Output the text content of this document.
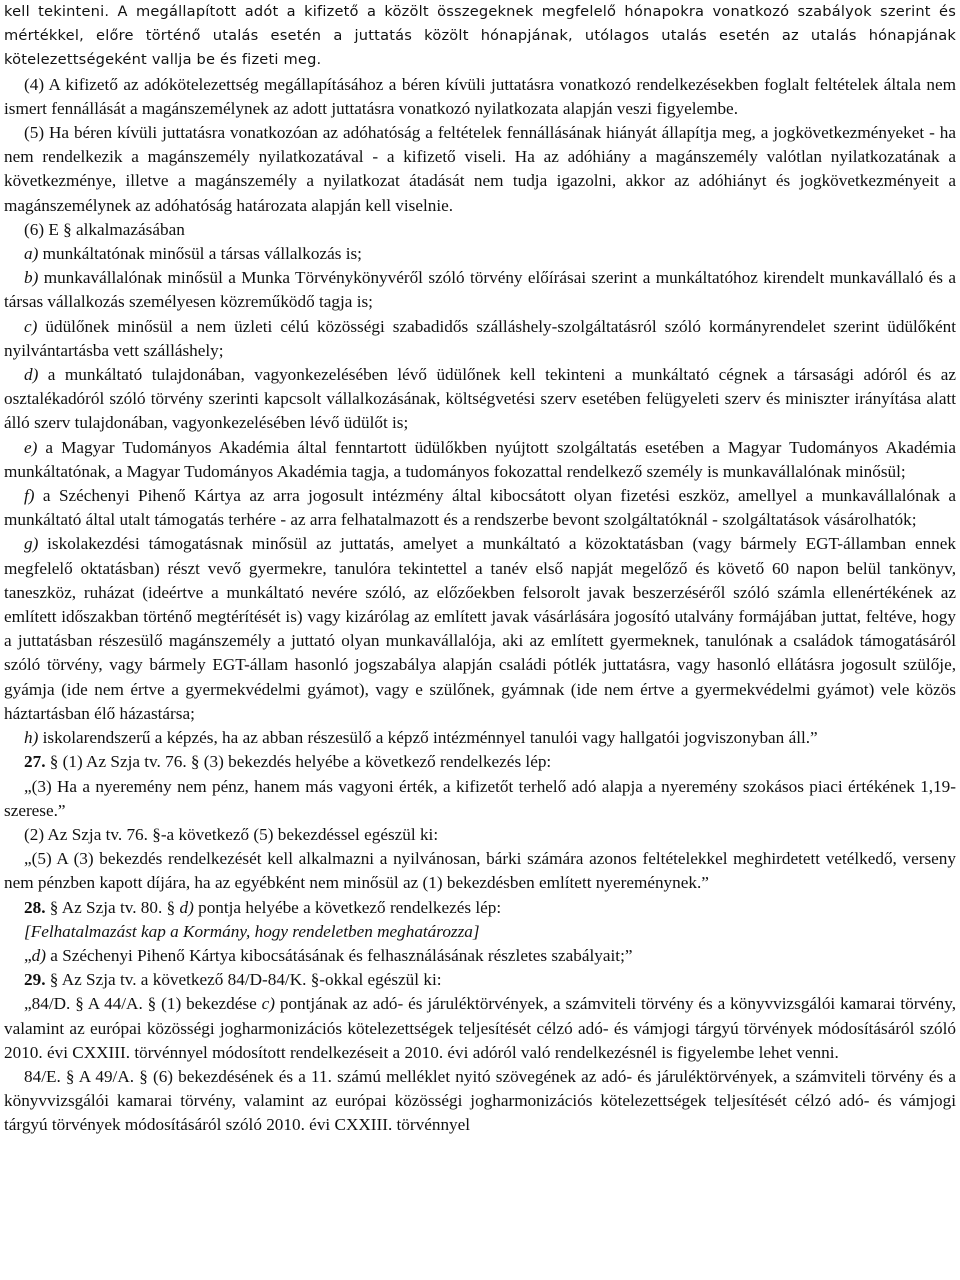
kell tekinteni. A megállapított adót a kifizető a közölt összegeknek megfelelő hónapokra vonatkozó szabályok szerint és mértékkel, előre történő utalás esetén a juttatás közölt hónapjának, utólagos utalás esetén az utalás hónapjának kötelezettségeként vallja be és fizeti meg.

(4) A kifizető az adókötelezettség megállapításához a béren kívüli juttatásra vonatkozó rendelkezésekben foglalt feltételek általa nem ismert fennállását a magánszemélynek az adott juttatásra vonatkozó nyilatkozata alapján veszi figyelembe.

(5) Ha béren kívüli juttatásra vonatkozóan az adóhatóság a feltételek fennállásának hiányát állapítja meg, a jogkövetkezményeket - ha nem rendelkezik a magánszemély nyilatkozatával - a kifizető viseli. Ha az adóhiány a magánszemély valótlan nyilatkozatának a következménye, illetve a magánszemély a nyilatkozat átadását nem tudja igazolni, akkor az adóhiányt és jogkövetkezményeit a magánszemélynek az adóhatóság határozata alapján kell viselnie.

(6) E § alkalmazásában

a) munkáltatónak minősül a társas vállalkozás is;

b) munkavállalónak minősül a Munka Törvénykönyvéről szóló törvény előírásai szerint a munkáltatóhoz kirendelt munkavállaló és a társas vállalkozás személyesen közreműködő tagja is;

c) üdülőnek minősül a nem üzleti célú közösségi szabadidős szálláshely-szolgáltatásról szóló kormányrendelet szerint üdülőként nyilvántartásba vett szálláshely;

d) a munkáltató tulajdonában, vagyonkezelésében lévő üdülőnek kell tekinteni a munkáltató cégnek a társasági adóról és az osztalékadóról szóló törvény szerinti kapcsolt vállalkozásának, költségvetési szerv esetében felügyeleti szerv és miniszter irányítása alatt álló szerv tulajdonában, vagyonkezelésében lévő üdülőt is;

e) a Magyar Tudományos Akadémia által fenntartott üdülőkben nyújtott szolgáltatás esetében a Magyar Tudományos Akadémia munkáltatónak, a Magyar Tudományos Akadémia tagja, a tudományos fokozattal rendelkező személy is munkavállalónak minősül;

f) a Széchenyi Pihenő Kártya az arra jogosult intézmény által kibocsátott olyan fizetési eszköz, amellyel a munkavállalónak a munkáltató által utalt támogatás terhére - az arra felhatalmazott és a rendszerbe bevont szolgáltatóknál - szolgáltatások vásárolhatók;

g) iskolakezdési támogatásnak minősül az juttatás, amelyet a munkáltató a közoktatásban (vagy bármely EGT-államban ennek megfelelő oktatásban) részt vevő gyermekre, tanulóra tekintettel a tanév első napját megelőző és követő 60 napon belül tankönyv, taneszköz, ruházat (ideértve a munkáltató nevére szóló, az előzőekben felsorolt javak beszerzéséről szóló számla ellenértékének az említett időszakban történő megtérítését is) vagy kizárólag az említett javak vásárlására jogosító utalvány formájában juttat, feltéve, hogy a juttatásban részesülő magánszemély a juttató olyan munkavállalója, aki az említett gyermeknek, tanulónak a családok támogatásáról szóló törvény, vagy bármely EGT-állam hasonló jogszabálya alapján családi pótlék juttatásra, vagy hasonló ellátásra jogosult szülője, gyámja (ide nem értve a gyermekvédelmi gyámot), vagy e szülőnek, gyámnak (ide nem értve a gyermekvédelmi gyámot) vele közös háztartásban élő házastársa;

h) iskolarendszerű a képzés, ha az abban részesülő a képző intézménnyel tanulói vagy hallgatói jogviszonyban áll.”

27. § (1) Az Szja tv. 76. § (3) bekezdés helyébe a következő rendelkezés lép:

„(3) Ha a nyeremény nem pénz, hanem más vagyoni érték, a kifizetőt terhelő adó alapja a nyeremény szokásos piaci értékének 1,19-szerese.”

(2) Az Szja tv. 76. §-a következő (5) bekezdéssel egészül ki:

„(5) A (3) bekezdés rendelkezését kell alkalmazni a nyilvánosan, bárki számára azonos feltételekkel meghirdetett vetélkedő, verseny nem pénzben kapott díjára, ha az egyébként nem minősül az (1) bekezdésben említett nyereménynek.”

28. § Az Szja tv. 80. § d) pontja helyébe a következő rendelkezés lép:

[Felhatalmazást kap a Kormány, hogy rendeletben meghatározza]

„d) a Széchenyi Pihenő Kártya kibocsátásának és felhasználásának részletes szabályait;”

29. § Az Szja tv. a következő 84/D-84/K. §-okkal egészül ki:

„84/D. § A 44/A. § (1) bekezdése c) pontjának az adó- és járuléktörvények, a számviteli törvény és a könyvvizsgálói kamarai törvény, valamint az európai közösségi jogharmonizációs kötelezettségek teljesítését célzó adó- és vámjogi tárgyú törvények módosításáról szóló 2010. évi CXXIII. törvénnyel módosított rendelkezéseit a 2010. évi adóról való rendelkezésnél is figyelembe lehet venni.

84/E. § A 49/A. § (6) bekezdésének és a 11. számú melléklet nyitó szövegének az adó- és járuléktörvények, a számviteli törvény és a könyvvizsgálói kamarai törvény, valamint az európai közösségi jogharmonizációs kötelezettségek teljesítését célzó adó- és vámjogi tárgyú törvények módosításáról szóló 2010. évi CXXIII. törvénnyel
